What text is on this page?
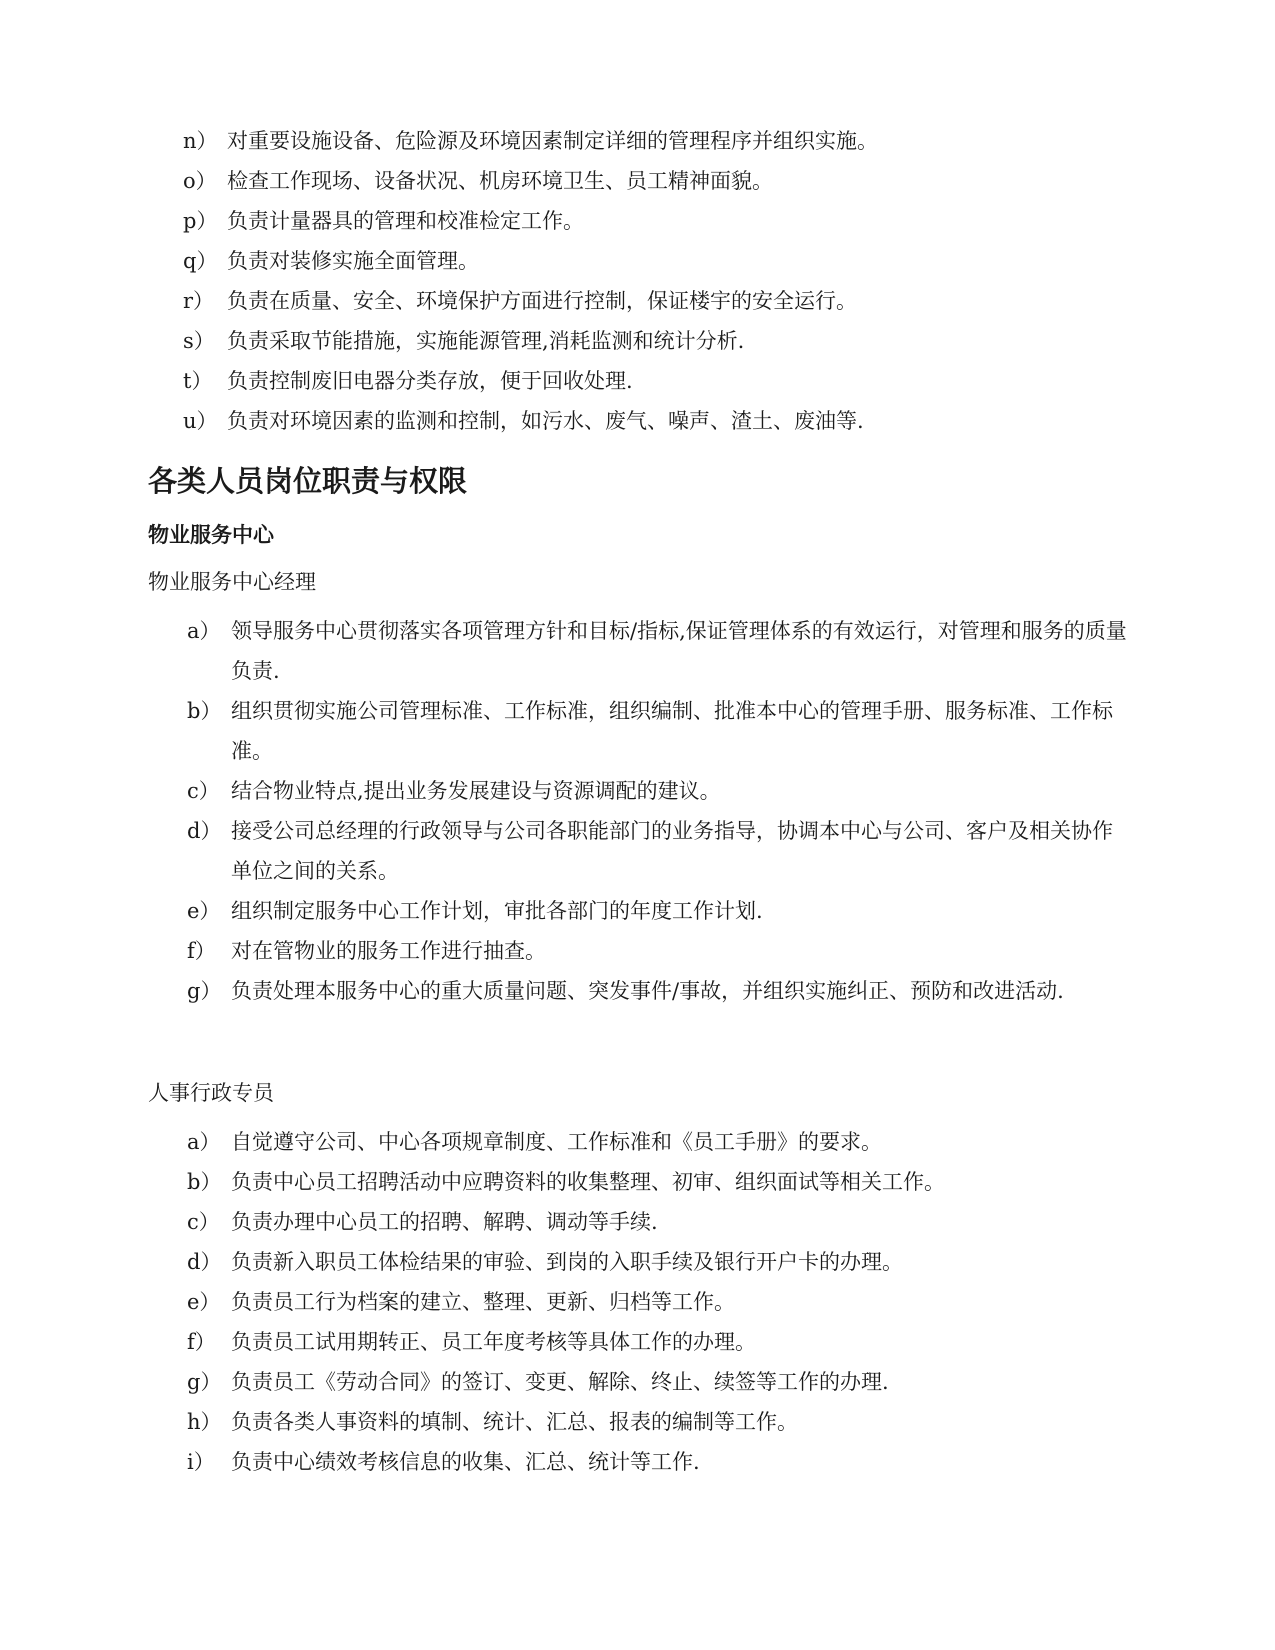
n） 对重要设施设备、危险源及环境因素制定详细的管理程序并组织实施。
o） 检查工作现场、设备状况、机房环境卫生、员工精神面貌。
p） 负责计量器具的管理和校准检定工作。
q） 负责对装修实施全面管理。
r） 负责在质量、安全、环境保护方面进行控制，保证楼宇的安全运行。
s） 负责采取节能措施，实施能源管理,消耗监测和统计分析.
t） 负责控制废旧电器分类存放，便于回收处理.
u） 负责对环境因素的监测和控制，如污水、废气、噪声、渣土、废油等.
各类人员岗位职责与权限
物业服务中心

物业服务中心经理

a） 领导服务中心贯彻落实各项管理方针和目标/指标,保证管理体系的有效运行，对管理和服务的质量负责.
b） 组织贯彻实施公司管理标准、工作标准，组织编制、批准本中心的管理手册、服务标准、工作标准。
c） 结合物业特点,提出业务发展建设与资源调配的建议。
d） 接受公司总经理的行政领导与公司各职能部门的业务指导，协调本中心与公司、客户及相关协作单位之间的关系。
e） 组织制定服务中心工作计划，审批各部门的年度工作计划.
f） 对在管物业的服务工作进行抽查。
g） 负责处理本服务中心的重大质量问题、突发事件/事故，并组织实施纠正、预防和改进活动.

人事行政专员

a） 自觉遵守公司、中心各项规章制度、工作标准和《员工手册》的要求。
b） 负责中心员工招聘活动中应聘资料的收集整理、初审、组织面试等相关工作。
c） 负责办理中心员工的招聘、解聘、调动等手续.
d） 负责新入职员工体检结果的审验、到岗的入职手续及银行开户卡的办理。
e） 负责员工行为档案的建立、整理、更新、归档等工作。
f） 负责员工试用期转正、员工年度考核等具体工作的办理。
g） 负责员工《劳动合同》的签订、变更、解除、终止、续签等工作的办理.
h） 负责各类人事资料的填制、统计、汇总、报表的编制等工作。
i） 负责中心绩效考核信息的收集、汇总、统计等工作.
